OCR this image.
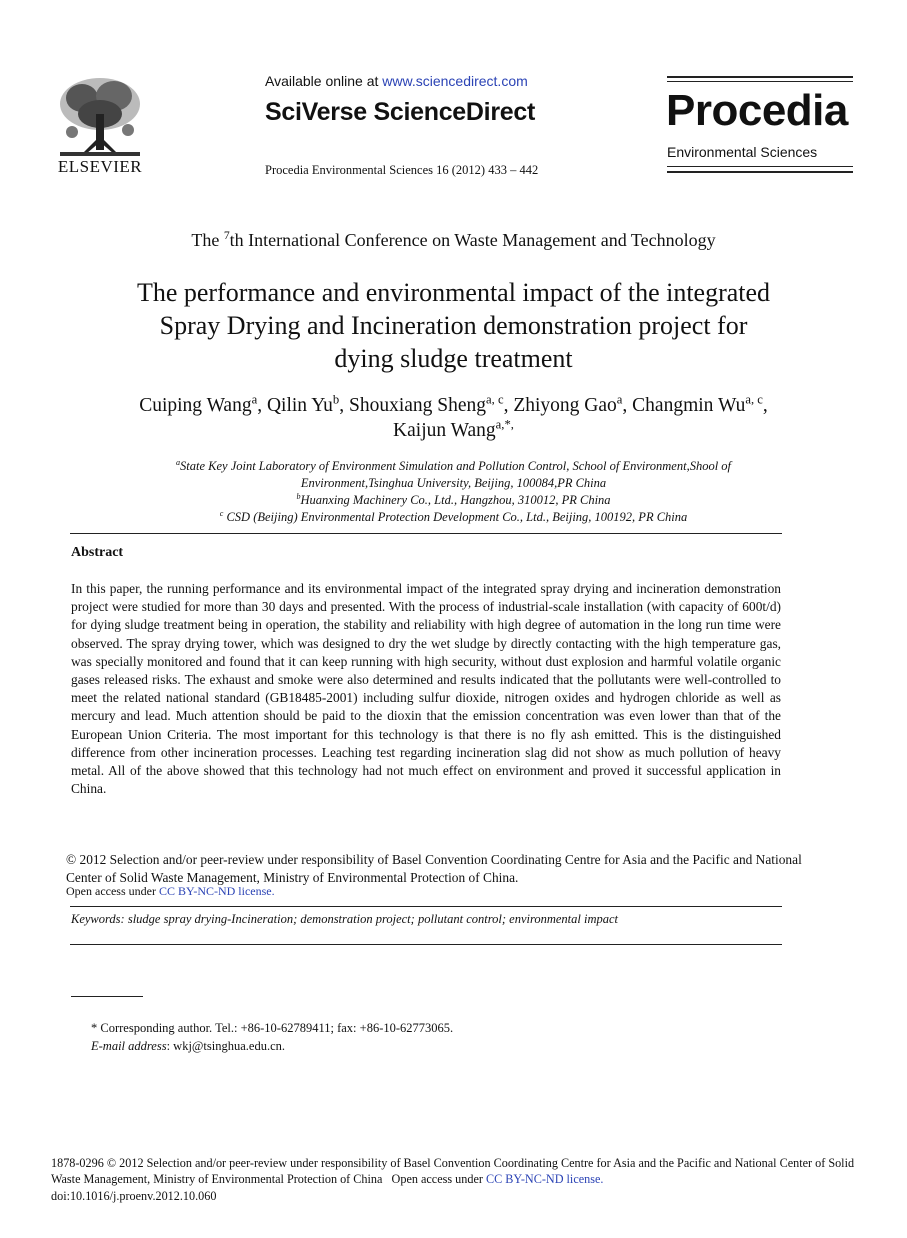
ELSEVIER
Available online at www.sciencedirect.com
SciVerse ScienceDirect
Procedia Environmental Sciences 16 (2012) 433 – 442
Procedia
Environmental Sciences
The $^7$th International Conference on Waste Management and Technology
The performance and environmental impact of the integrated
Spray Drying and Incineration demonstration project for
dying sludge treatment
Cuiping Wang$^a$, Qilin Yu$^b$, Shouxiang Sheng$^{a, c}$, Zhiyong Gao$^a$, Changmin Wu$^{a, c}$,
Kaijun Wang$^{a,*,}$
$^a$State Key Joint Laboratory of Environment Simulation and Pollution Control, School of Environment,Shool of
Environment,Tsinghua University, Beijing, 100084,PR China
$^b$Huanxing Machinery Co., Ltd., Hangzhou, 310012, PR China
$^c$ CSD (Beijing) Environmental Protection Development Co., Ltd., Beijing, 100192, PR China
Abstract
In this paper, the running performance and its environmental impact of the integrated spray drying and incineration demonstration project were studied for more than 30 days and presented. With the process of industrial-scale installation (with capacity of 600t/d) for dying sludge treatment being in operation, the stability and reliability with high degree of automation in the long run time were observed. The spray drying tower, which was designed to dry the wet sludge by directly contacting with the high temperature gas, was specially monitored and found that it can keep running with high security, without dust explosion and harmful volatile organic gases released risks. The exhaust and smoke were also determined and results indicated that the pollutants were well-controlled to meet the related national standard (GB18485-2001) including sulfur dioxide, nitrogen oxides and hydrogen chloride as well as mercury and lead. Much attention should be paid to the dioxin that the emission concentration was even lower than that of the European Union Criteria. The most important for this technology is that there is no fly ash emitted. This is the distinguished difference from other incineration processes. Leaching test regarding incineration slag did not show as much pollution of heavy metal. All of the above showed that this technology had not much effect on environment and proved it successful application in China.
© 2012 Selection and/or peer-review under responsibility of Basel Convention Coordinating Centre for Asia and the Pacific and National Center of Solid Waste Management, Ministry of Environmental Protection of China.
Open access under CC BY-NC-ND license.
Keywords: sludge spray drying-Incineration; demonstration project; pollutant control; environmental impact
* Corresponding author. Tel.: +86-10-62789411; fax: +86-10-62773065.
E-mail address: wkj@tsinghua.edu.cn.
1878-0296 © 2012 Selection and/or peer-review under responsibility of Basel Convention Coordinating Centre for Asia and the Pacific and National Center of Solid Waste Management, Ministry of Environmental Protection of China   Open access under CC BY-NC-ND license.
doi:10.1016/j.proenv.2012.10.060
